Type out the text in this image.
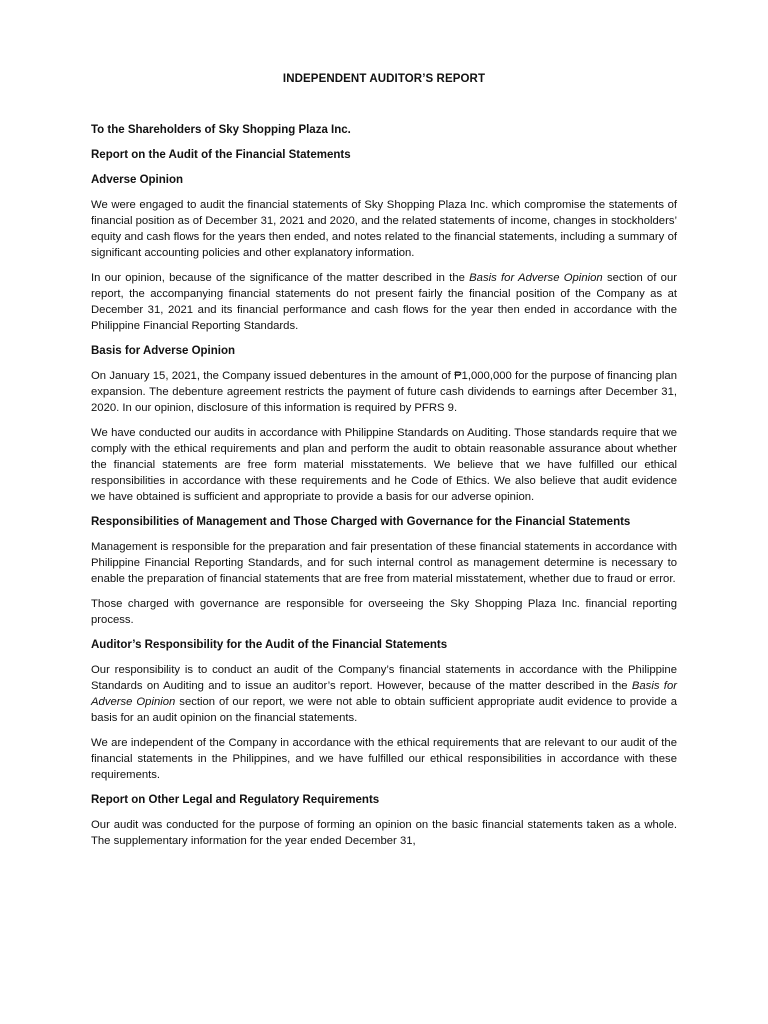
INDEPENDENT AUDITOR’S REPORT
To the Shareholders of Sky Shopping Plaza Inc.
Report on the Audit of the Financial Statements
Adverse Opinion

We were engaged to audit the financial statements of Sky Shopping Plaza Inc. which compromise the statements of financial position as of December 31, 2021 and 2020, and the related statements of income, changes in stockholders’ equity and cash flows for the years then ended, and notes related to the financial statements, including a summary of significant accounting policies and other explanatory information.

In our opinion, because of the significance of the matter described in the Basis for Adverse Opinion section of our report, the accompanying financial statements do not present fairly the financial position of the Company as at December 31, 2021 and its financial performance and cash flows for the year then ended in accordance with the Philippine Financial Reporting Standards.

Basis for Adverse Opinion

On January 15, 2021, the Company issued debentures in the amount of ₱1,000,000 for the purpose of financing plan expansion. The debenture agreement restricts the payment of future cash dividends to earnings after December 31, 2020. In our opinion, disclosure of this information is required by PFRS 9.

We have conducted our audits in accordance with Philippine Standards on Auditing. Those standards require that we comply with the ethical requirements and plan and perform the audit to obtain reasonable assurance about whether the financial statements are free form material misstatements. We believe that we have fulfilled our ethical responsibilities in accordance with these requirements and he Code of Ethics. We also believe that audit evidence we have obtained is sufficient and appropriate to provide a basis for our adverse opinion.

Responsibilities of Management and Those Charged with Governance for the Financial Statements

Management is responsible for the preparation and fair presentation of these financial statements in accordance with Philippine Financial Reporting Standards, and for such internal control as management determine is necessary to enable the preparation of financial statements that are free from material misstatement, whether due to fraud or error.

Those charged with governance are responsible for overseeing the Sky Shopping Plaza Inc. financial reporting process.

Auditor’s Responsibility for the Audit of the Financial Statements

Our responsibility is to conduct an audit of the Company’s financial statements in accordance with the Philippine Standards on Auditing and to issue an auditor’s report. However, because of the matter described in the Basis for Adverse Opinion section of our report, we were not able to obtain sufficient appropriate audit evidence to provide a basis for an audit opinion on the financial statements.

We are independent of the Company in accordance with the ethical requirements that are relevant to our audit of the financial statements in the Philippines, and we have fulfilled our ethical responsibilities in accordance with these requirements.

Report on Other Legal and Regulatory Requirements

Our audit was conducted for the purpose of forming an opinion on the basic financial statements taken as a whole. The supplementary information for the year ended December 31,
